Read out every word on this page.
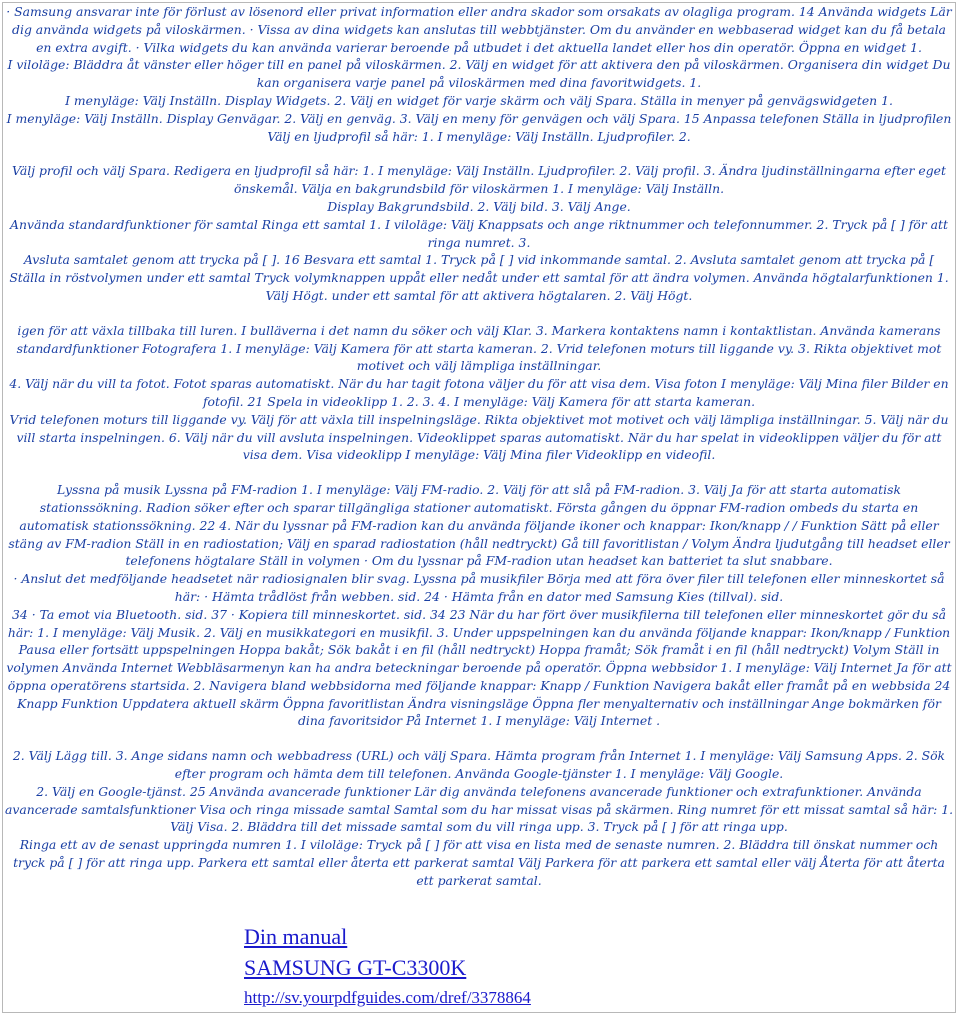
· Samsung ansvarar inte för förlust av lösenord eller privat information eller andra skador som orsakats av olagliga program. 14 Använda widgets Lär dig använda widgets på viloskärmen. · Vissa av dina widgets kan anslutas till webbtjänster. Om du använder en webbaserad widget kan du få betala en extra avgift. · Vilka widgets du kan använda varierar beroende på utbudet i det aktuella landet eller hos din operatör. Öppna en widget 1.

I viloläge: Bläddra åt vänster eller höger till en panel på viloskärmen. 2. Välj en widget för att aktivera den på viloskärmen. Organisera din widget Du kan organisera varje panel på viloskärmen med dina favoritwidgets. 1.

I menyläge: Välj Inställn. Display Widgets. 2. Välj en widget för varje skärm och välj Spara. Ställa in menyer på genvägswidgeten 1.

I menyläge: Välj Inställn. Display Genvägar. 2. Välj en genväg. 3. Välj en meny för genvägen och välj Spara. 15 Anpassa telefonen Ställa in ljudprofilen Välj en ljudprofil så här: 1. I menyläge: Välj Inställn. Ljudprofiler. 2.

Välj profil och välj Spara. Redigera en ljudprofil så här: 1. I menyläge: Välj Inställn. Ljudprofiler. 2. Välj profil. 3. Ändra ljudinställningarna efter eget önskemål. Välja en bakgrundsbild för viloskärmen 1. I menyläge: Välj Inställn.

Display Bakgrundsbild. 2. Välj bild. 3. Välj Ange.

Använda standardfunktioner för samtal Ringa ett samtal 1. I viloläge: Välj Knappsats och ange riktnummer och telefonnummer. 2. Tryck på [ ] för att ringa numret. 3.

Avsluta samtalet genom att trycka på [ ]. 16 Besvara ett samtal 1. Tryck på [ ] vid inkommande samtal. 2. Avsluta samtalet genom att trycka på [ Ställa in röstvolymen under ett samtal Tryck volymknappen uppåt eller nedåt under ett samtal för att ändra volymen. Använda högtalarfunktionen 1. Välj Högt. under ett samtal för att aktivera högtalaren. 2. Välj Högt.

igen för att växla tillbaka till luren. I bulläverna i det namn du söker och välj Klar. 3. Markera kontaktens namn i kontaktlistan. Använda kamerans standardfunktioner Fotografera 1. I menyläge: Välj Kamera för att starta kameran. 2. Vrid telefonen moturs till liggande vy. 3. Rikta objektivet mot motivet och välj lämpliga inställningar.

4. Välj när du vill ta fotot. Fotot sparas automatiskt. När du har tagit fotona väljer du för att visa dem. Visa foton I menyläge: Välj Mina filer Bilder en fotofil. 21 Spela in videoklipp 1. 2. 3. 4. I menyläge: Välj Kamera för att starta kameran.

Vrid telefonen moturs till liggande vy. Välj för att växla till inspelningsläge. Rikta objektivet mot motivet och välj lämpliga inställningar. 5. Välj när du vill starta inspelningen. 6. Välj när du vill avsluta inspelningen. Videoklippet sparas automatiskt. När du har spelat in videoklippen väljer du för att visa dem. Visa videoklipp I menyläge: Välj Mina filer Videoklipp en videofil.

Lyssna på musik Lyssna på FM-radion 1. I menyläge: Välj FM-radio. 2. Välj för att slå på FM-radion. 3. Välj Ja för att starta automatisk stationssökning. Radion söker efter och sparar tillgängliga stationer automatiskt. Första gången du öppnar FM-radion ombeds du starta en automatisk stationssökning. 22 4. När du lyssnar på FM-radion kan du använda följande ikoner och knappar: Ikon/knapp / / Funktion Sätt på eller stäng av FM-radion Ställ in en radiostation; Välj en sparad radiostation (håll nedtryckt) Gå till favoritlistan / Volym Ändra ljudutgång till headset eller telefonens högtalare Ställ in volymen · Om du lyssnar på FM-radion utan headset kan batteriet ta slut snabbare.

· Anslut det medföljande headsetet när radiosignalen blir svag. Lyssna på musikfiler Börja med att föra över filer till telefonen eller minneskortet så här: · Hämta trådlöst från webben. sid. 24 · Hämta från en dator med Samsung Kies (tillval). sid.

34 · Ta emot via Bluetooth. sid. 37 · Kopiera till minneskortet. sid. 34 23 När du har fört över musikfilerna till telefonen eller minneskortet gör du så här: 1. I menyläge: Välj Musik. 2. Välj en musikkategori en musikfil. 3. Under uppspelningen kan du använda följande knappar: Ikon/knapp / Funktion Pausa eller fortsätt uppspelningen Hoppa bakåt; Sök bakåt i en fil (håll nedtryckt) Hoppa framåt; Sök framåt i en fil (håll nedtryckt) Volym Ställ in volymen Använda Internet Webbläsarmenyn kan ha andra beteckningar beroende på operatör. Öppna webbsidor 1. I menyläge: Välj Internet Ja för att öppna operatörens startsida. 2. Navigera bland webbsidorna med följande knappar: Knapp / Funktion Navigera bakåt eller framåt på en webbsida 24 Knapp Funktion Uppdatera aktuell skärm Öppna favoritlistan Ändra visningsläge Öppna fler menyalternativ och inställningar Ange bokmärken för dina favoritsidor På Internet 1. I menyläge: Välj Internet .

2. Välj Lägg till. 3. Ange sidans namn och webbadress (URL) och välj Spara. Hämta program från Internet 1. I menyläge: Välj Samsung Apps. 2. Sök efter program och hämta dem till telefonen. Använda Google-tjänster 1. I menyläge: Välj Google.

2. Välj en Google-tjänst. 25 Använda avancerade funktioner Lär dig använda telefonens avancerade funktioner och extrafunktioner. Använda avancerade samtalsfunktioner Visa och ringa missade samtal Samtal som du har missat visas på skärmen. Ring numret för ett missat samtal så här: 1.

Välj Visa. 2. Bläddra till det missade samtal som du vill ringa upp. 3. Tryck på [ ] för att ringa upp.

Ringa ett av de senast uppringda numren 1. I viloläge: Tryck på [ ] för att visa en lista med de senaste numren. 2. Bläddra till önskat nummer och tryck på [ ] för att ringa upp. Parkera ett samtal eller återta ett parkerat samtal Välj Parkera för att parkera ett samtal eller välj Återta för att återta ett parkerat samtal.

Din manual
SAMSUNG GT-C3300K
http://sv.yourpdfguides.com/dref/3378864
